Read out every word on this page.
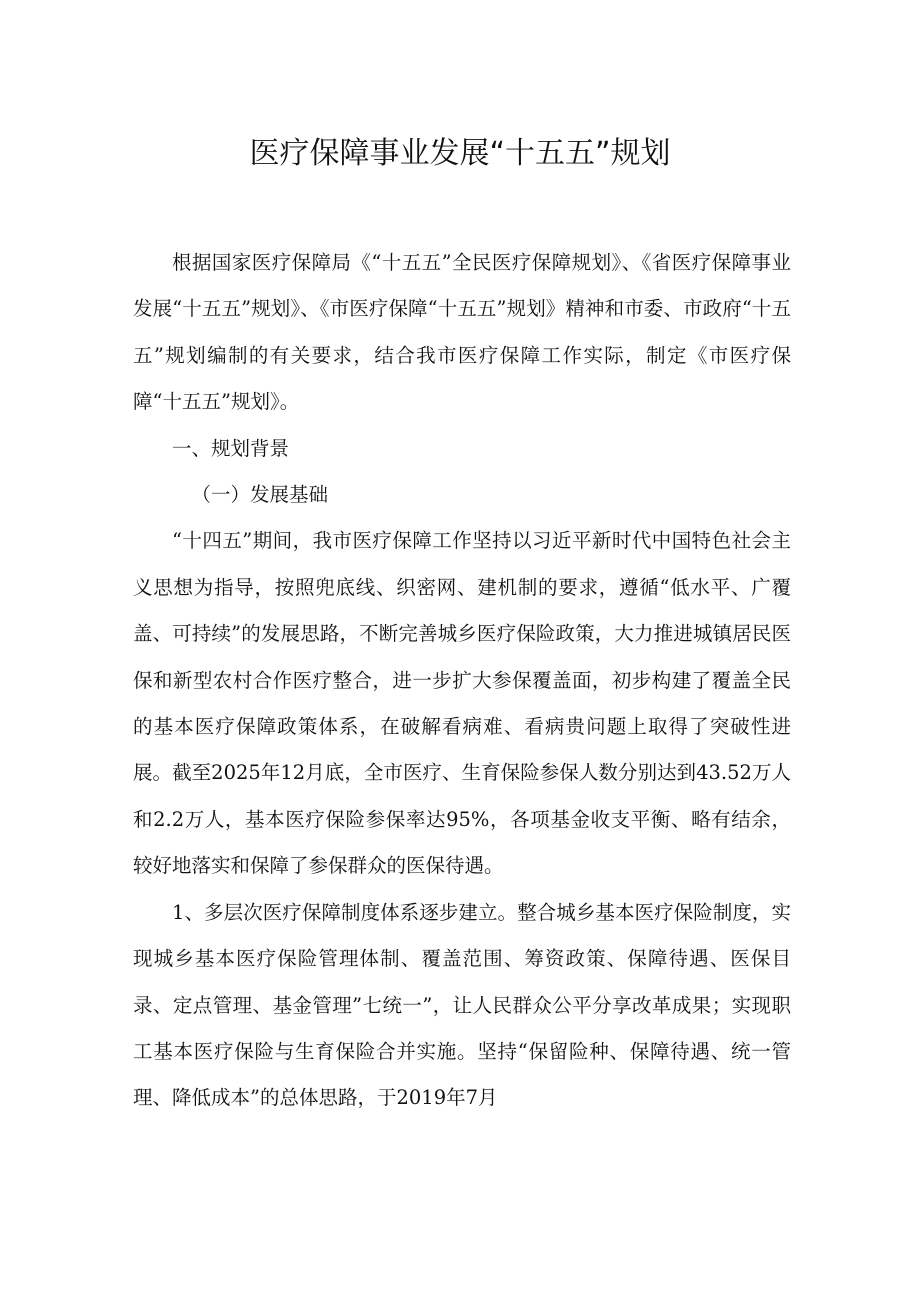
医疗保障事业发展“十五五”规划

根据国家医疗保障局《“十五五”全民医疗保障规划》、《省医疗保障事业发展“十五五”规划》、《市医疗保障“十五五”规划》精神和市委、市政府“十五五”规划编制的有关要求，结合我市医疗保障工作实际，制定《市医疗保障“十五五”规划》。

一、规划背景

（一）发展基础

“十四五”期间，我市医疗保障工作坚持以习近平新时代中国特色社会主义思想为指导，按照兜底线、织密网、建机制的要求，遵循“低水平、广覆盖、可持续”的发展思路，不断完善城乡医疗保险政策，大力推进城镇居民医保和新型农村合作医疗整合，进一步扩大参保覆盖面，初步构建了覆盖全民的基本医疗保障政策体系，在破解看病难、看病贵问题上取得了突破性进展。截至2025年12月底，全市医疗、生育保险参保人数分别达到43.52万人和2.2万人，基本医疗保险参保率达95%，各项基金收支平衡、略有结余，较好地落实和保障了参保群众的医保待遇。

1、多层次医疗保障制度体系逐步建立。整合城乡基本医疗保险制度，实现城乡基本医疗保险管理体制、覆盖范围、筹资政策、保障待遇、医保目录、定点管理、基金管理”七统一”，让人民群众公平分享改革成果；实现职工基本医疗保险与生育保险合并实施。坚持“保留险种、保障待遇、统一管理、降低成本”的总体思路，于2019年7月
